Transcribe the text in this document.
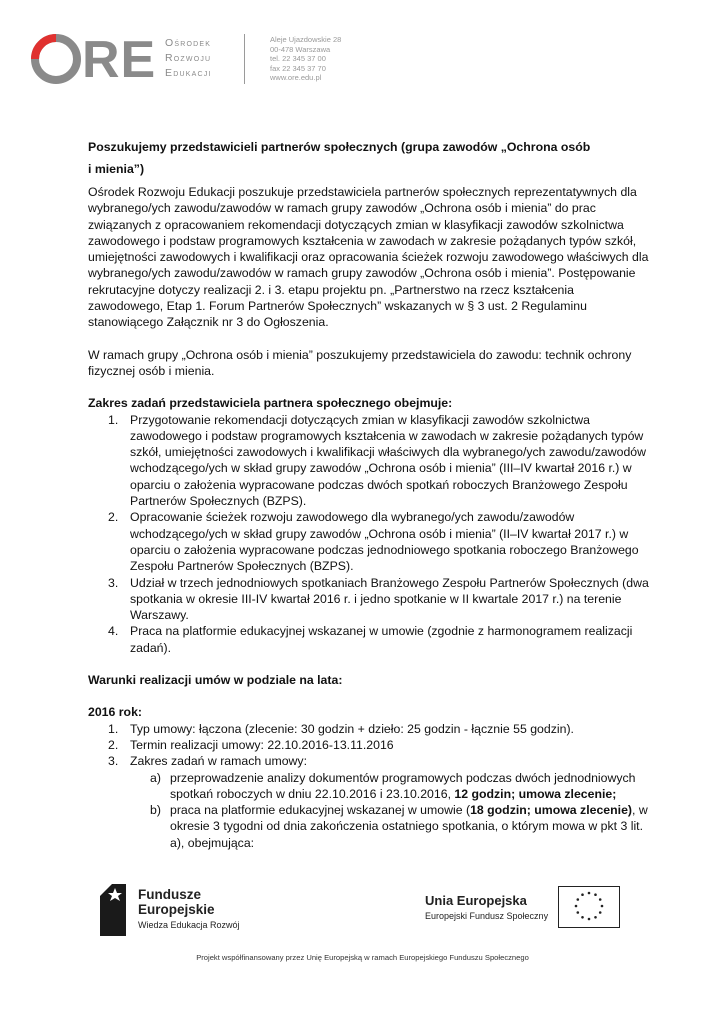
RE Ośrodek
Rozwoju
Edukacji
Aleje Ujazdowskie 28
00-478 Warszawa
tel. 22 345 37 00
fax 22 345 37 70
www.ore.edu.pl

Poszukujemy przedstawicieli partnerów społecznych (grupa zawodów „Ochrona osób
i mienia”)

Ośrodek Rozwoju Edukacji poszukuje przedstawiciela partnerów społecznych reprezentatywnych dla wybranego/ych zawodu/zawodów w ramach grupy zawodów „Ochrona osób i mienia” do prac związanych z opracowaniem rekomendacji dotyczących zmian w klasyfikacji zawodów szkolnictwa zawodowego i podstaw programowych kształcenia w zawodach w zakresie pożądanych typów szkół, umiejętności zawodowych i kwalifikacji oraz opracowania ścieżek rozwoju zawodowego właściwych dla wybranego/ych zawodu/zawodów w ramach grupy zawodów „Ochrona osób i mienia”. Postępowanie rekrutacyjne dotyczy realizacji 2. i 3. etapu projektu pn. „Partnerstwo na rzecz kształcenia zawodowego, Etap 1. Forum Partnerów Społecznych” wskazanych w § 3 ust. 2 Regulaminu stanowiącego Załącznik nr 3 do Ogłoszenia.

W ramach grupy „Ochrona osób i mienia” poszukujemy przedstawiciela do zawodu: technik ochrony fizycznej osób i mienia.

Zakres zadań przedstawiciela partnera społecznego obejmuje:

1. Przygotowanie rekomendacji dotyczących zmian w klasyfikacji zawodów szkolnictwa zawodowego i podstaw programowych kształcenia w zawodach w zakresie pożądanych typów szkół, umiejętności zawodowych i kwalifikacji właściwych dla wybranego/ych zawodu/zawodów wchodzącego/ych w skład grupy zawodów „Ochrona osób i mienia” (III–IV kwartał 2016 r.) w oparciu o założenia wypracowane podczas dwóch spotkań roboczych Branżowego Zespołu Partnerów Społecznych (BZPS).
2. Opracowanie ścieżek rozwoju zawodowego dla wybranego/ych zawodu/zawodów wchodzącego/ych w skład grupy zawodów „Ochrona osób i mienia” (II–IV kwartał 2017 r.) w oparciu o założenia wypracowane podczas jednodniowego spotkania roboczego Branżowego Zespołu Partnerów Społecznych (BZPS).
3. Udział w trzech jednodniowych spotkaniach Branżowego Zespołu Partnerów Społecznych (dwa spotkania w okresie III-IV kwartał 2016 r. i jedno spotkanie w II kwartale 2017 r.) na terenie Warszawy.
4. Praca na platformie edukacyjnej wskazanej w umowie (zgodnie z harmonogramem realizacji zadań).

Warunki realizacji umów w podziale na lata:

2016 rok:

1. Typ umowy: łączona (zlecenie: 30 godzin + dzieło: 25 godzin - łącznie 55 godzin).
2. Termin realizacji umowy: 22.10.2016-13.11.2016
3. Zakres zadań w ramach umowy:
a) przeprowadzenie analizy dokumentów programowych podczas dwóch jednodniowych spotkań roboczych w dniu 22.10.2016 i 23.10.2016, 12 godzin; umowa zlecenie;
b) praca na platformie edukacyjnej wskazanej w umowie (18 godzin; umowa zlecenie), w okresie 3 tygodni od dnia zakończenia ostatniego spotkania, o którym mowa w pkt 3 lit. a), obejmująca:
Fundusze
Europejskie
Wiedza Edukacja Rozwój
Unia Europejska
Europejski Fundusz Społeczny
Projekt współfinansowany przez Unię Europejską w ramach Europejskiego Funduszu Społecznego
